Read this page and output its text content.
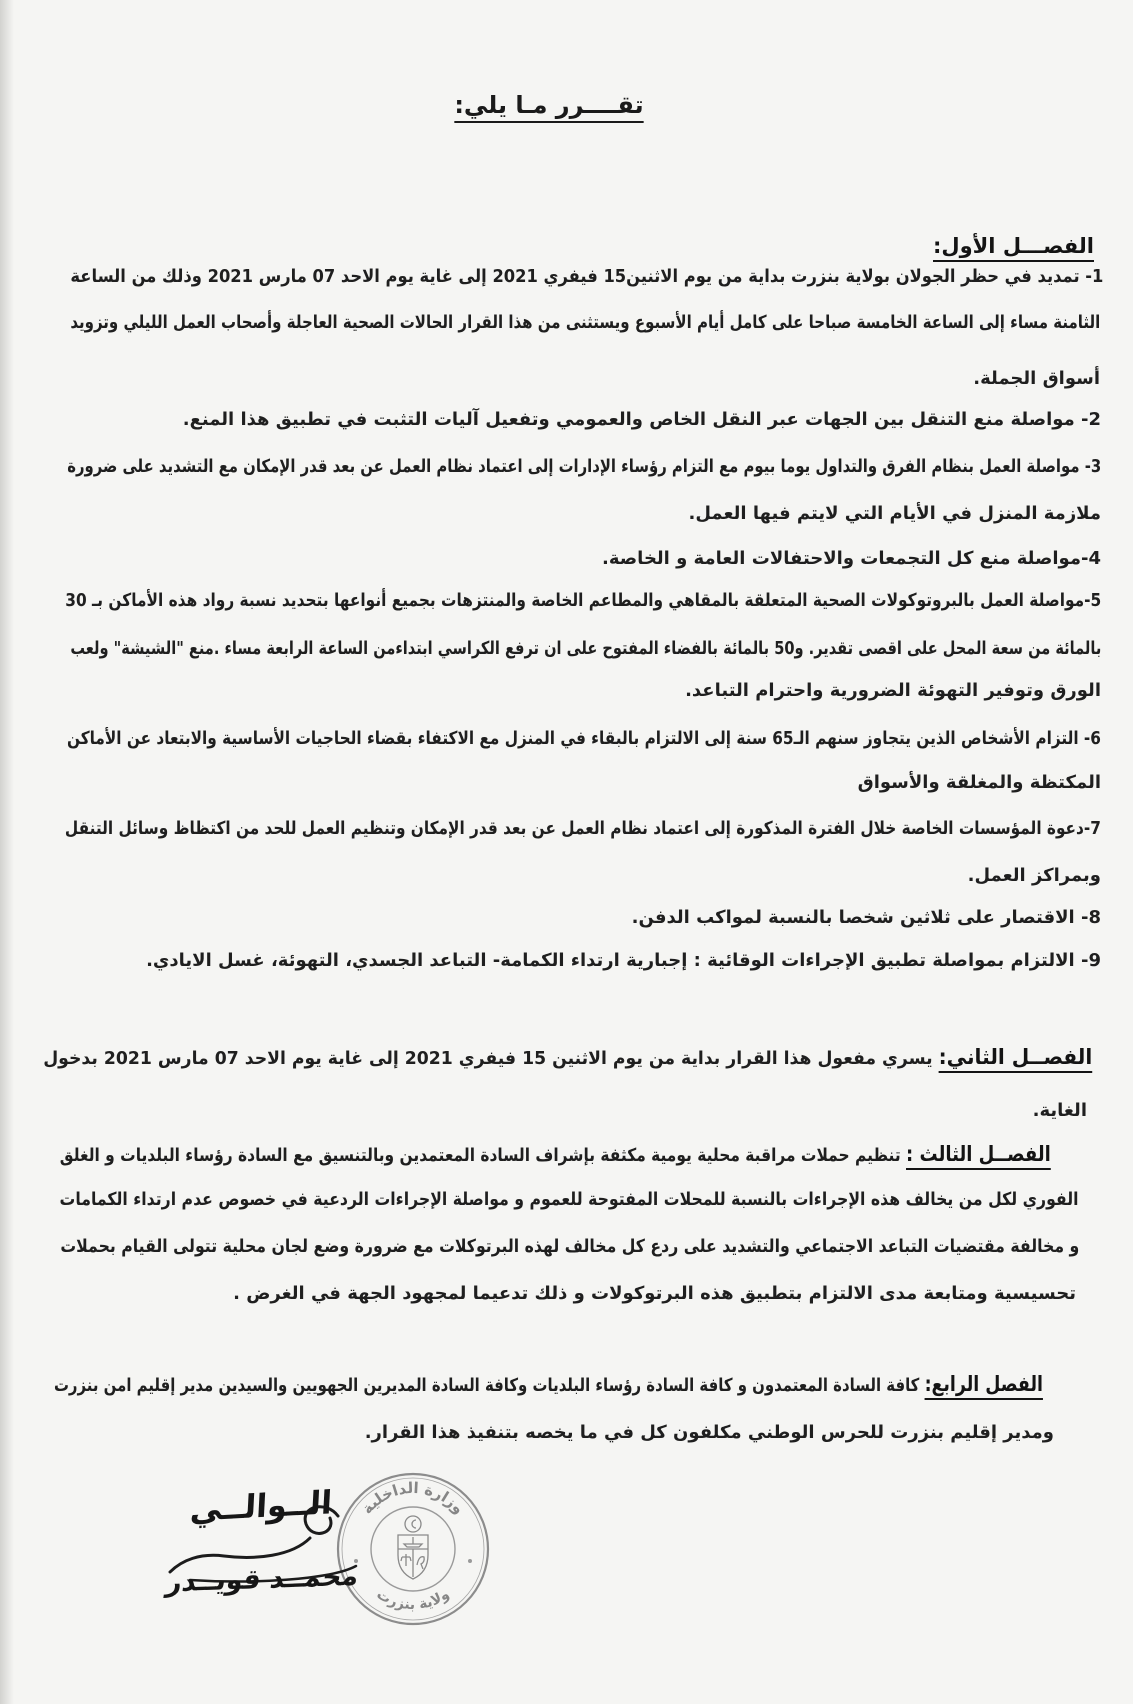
تقــــرر مـا يلي:
الفصـــل الأول:
1- تمديد في حظر الجولان بولاية بنزرت بداية من يوم الاثنين15 فيفري 2021 إلى غاية يوم الاحد 07 مارس 2021 وذلك من الساعة
الثامنة مساء إلى الساعة الخامسة صباحا على كامل أيام الأسبوع ويستثنى من هذا القرار الحالات الصحية العاجلة وأصحاب العمل الليلي وتزويد
أسواق الجملة.
2- مواصلة منع التنقل بين الجهات عبر النقل الخاص والعمومي وتفعيل آليات التثبت في تطبيق هذا المنع.
3- مواصلة العمل بنظام الفرق والتداول يوما بيوم مع التزام رؤساء الإدارات إلى اعتماد نظام العمل عن بعد قدر الإمكان مع التشديد على ضرورة
ملازمة المنزل في الأيام التي لايتم فيها العمل.
4-مواصلة منع كل التجمعات والاحتفالات العامة و الخاصة.
5-مواصلة العمل بالبروتوكولات الصحية المتعلقة بالمقاهي والمطاعم الخاصة والمنتزهات بجميع أنواعها بتحديد نسبة رواد هذه الأماكن بـ 30
بالمائة من سعة المحل على اقصى تقدير. و50 بالمائة بالفضاء المفتوح على ان ترفع الكراسي ابتداءمن الساعة الرابعة مساء .منع "الشيشة" ولعب
الورق وتوفير التهوئة الضرورية واحترام التباعد.
6- التزام الأشخاص الذين يتجاوز سنهم الـ65 سنة إلى الالتزام بالبقاء في المنزل مع الاكتفاء بقضاء الحاجيات الأساسية والابتعاد عن الأماكن
المكتظة والمغلقة والأسواق
7-دعوة المؤسسات الخاصة خلال الفترة المذكورة إلى اعتماد نظام العمل عن بعد قدر الإمكان وتنظيم العمل للحد من اكتظاظ وسائل التنقل
وبمراكز العمل.
8- الاقتصار على ثلاثين شخصا بالنسبة لمواكب الدفن.
9- الالتزام بمواصلة تطبيق الإجراءات الوقائية : إجبارية ارتداء الكمامة- التباعد الجسدي، التهوئة، غسل الايادي.
الفصــل الثاني: يسري مفعول هذا القرار بداية من يوم الاثنين 15 فيفري 2021 إلى غاية يوم الاحد 07 مارس 2021 بدخول
الغاية.
الفصــل الثالث : تنظيم حملات مراقبة محلية يومية مكثفة بإشراف السادة المعتمدين وبالتنسيق مع السادة رؤساء البلديات و الغلق
الفوري لكل من يخالف هذه الإجراءات بالنسبة للمحلات المفتوحة للعموم و مواصلة الإجراءات الردعية في خصوص عدم ارتداء الكمامات
و مخالفة مقتضيات التباعد الاجتماعي والتشديد على ردع كل مخالف لهذه البرتوكلات مع ضرورة وضع لجان محلية تتولى القيام بحملات
تحسيسية ومتابعة مدى الالتزام بتطبيق هذه البرتوكولات و ذلك تدعيما لمجهود الجهة في الغرض .
الفصل الرابع: كافة السادة المعتمدون و كافة السادة رؤساء البلديات وكافة السادة المديرين الجهويين والسيدين مدير إقليم امن بنزرت
ومدير إقليم بنزرت للحرس الوطني مكلفون كل في ما يخصه بتنفيذ هذا القرار.
وزارة الداخلية
ولاية بنزرت
الــوالــي
محمــد قويــدر
